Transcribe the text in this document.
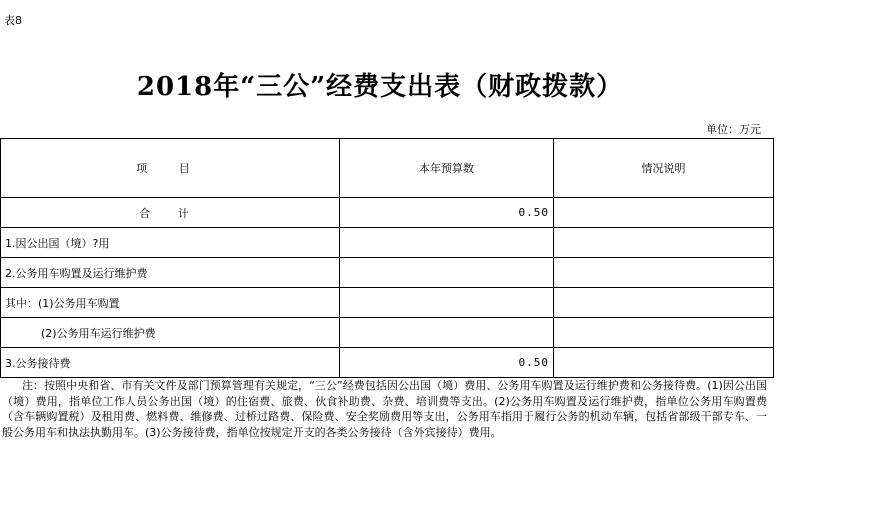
表8
2018年“三公”经费支出表（财政拨款）
单位：万元
项 目	本年预算数	情况说明
合 计	0.50	
1.因公出国（境）?用		
2.公务用车购置及运行维护费		
其中：(1)公务用车购置		
(2)公务用车运行维护费		
3.公务接待费	0.50	
注：按照中央和省、市有关文件及部门预算管理有关规定，“三公”经费包括因公出国（境）费用、公务用车购置及运行维护费和公务接待费。(1)因公出国（境）费用，指单位工作人员公务出国（境）的住宿费、旅费、伙食补助费、杂费、培训费等支出。(2)公务用车购置及运行维护费，指单位公务用车购置费（含车辆购置税）及租用费、燃料费、维修费、过桥过路费、保险费、安全奖励费用等支出，公务用车指用于履行公务的机动车辆，包括省部级干部专车、一般公务用车和执法执勤用车。(3)公务接待费，指单位按规定开支的各类公务接待（含外宾接待）费用。
